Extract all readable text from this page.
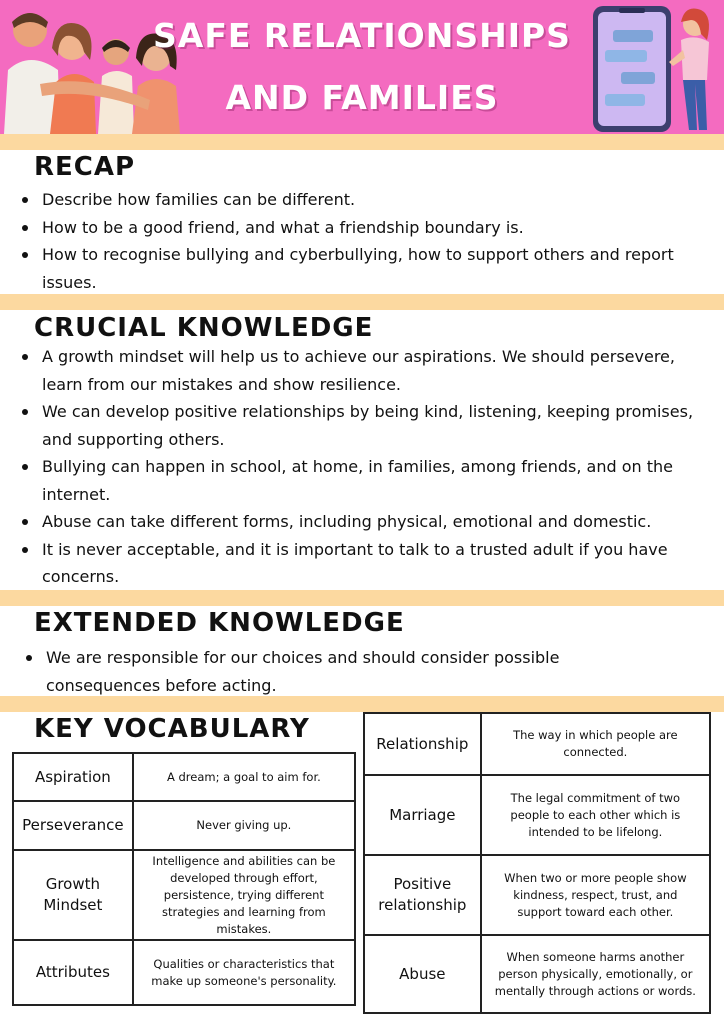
SAFE RELATIONSHIPS
AND FAMILIES
RECAP
Describe how families can be different.
How to be a good friend, and what a friendship boundary is.
How to recognise bullying and cyberbullying, how to support others and report issues.
CRUCIAL KNOWLEDGE
A growth mindset will help us to achieve our aspirations. We should persevere, learn from our mistakes and show resilience.
We can develop positive relationships by being kind, listening, keeping promises, and supporting others.
Bullying can happen in school, at home, in families, among friends, and on the internet.
Abuse can take different forms, including physical, emotional and domestic.
It is never acceptable, and it is important to talk to a trusted adult if you have concerns.
EXTENDED KNOWLEDGE
We are responsible for our choices and should consider possible consequences before acting.
KEY VOCABULARY
Aspiration	A dream; a goal to aim for.
Perseverance	Never giving up.
Growth Mindset	Intelligence and abilities can be developed through effort, persistence, trying different strategies and learning from mistakes.
Attributes	Qualities or characteristics that make up someone's personality.
Relationship	The way in which people are connected.
Marriage	The legal commitment of two people to each other which is intended to be lifelong.
Positive relationship	When two or more people show kindness, respect, trust, and support toward each other.
Abuse	When someone harms another person physically, emotionally, or mentally through actions or words.
